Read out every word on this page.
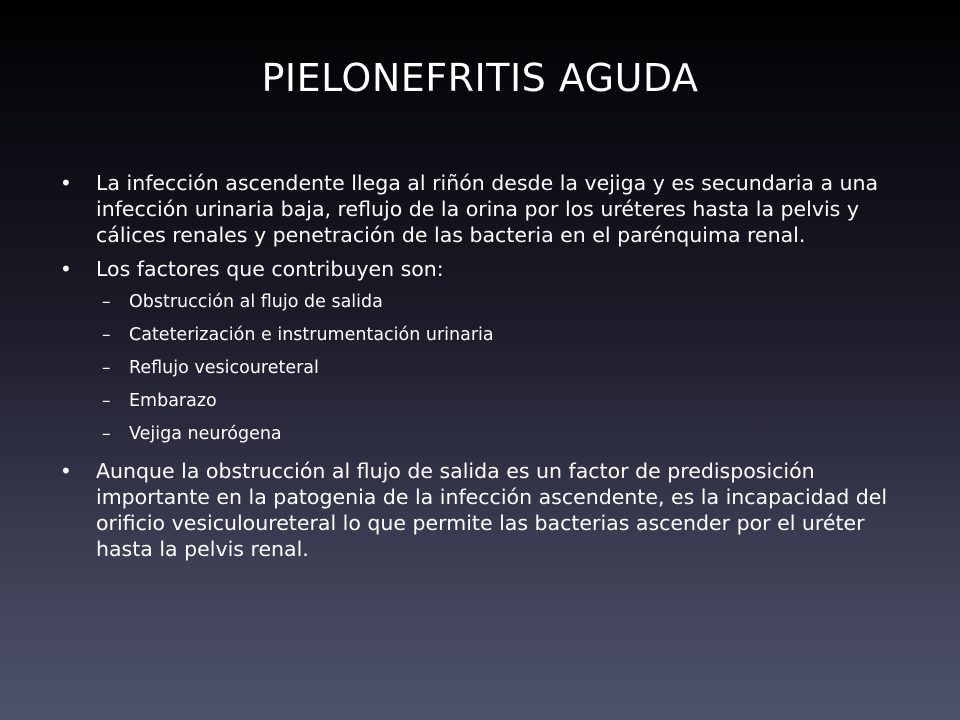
PIELONEFRITIS AGUDA
•	La infección ascendente llega al riñón desde la vejiga y es secundaria a una infección urinaria baja, reflujo de la orina por los uréteres hasta la pelvis y cálices renales y penetración de las bacteria en el parénquima renal.
•	Los factores que contribuyen son:
–	Obstrucción al flujo de salida
–	Cateterización e instrumentación urinaria
–	Reflujo vesicoureteral
–	Embarazo
–	Vejiga neurógena
•	Aunque la obstrucción al flujo de salida es un factor de predisposición importante en la patogenia de la infección ascendente, es la incapacidad del orificio vesiculoureteral lo que permite las bacterias ascender por el uréter hasta la pelvis renal.
